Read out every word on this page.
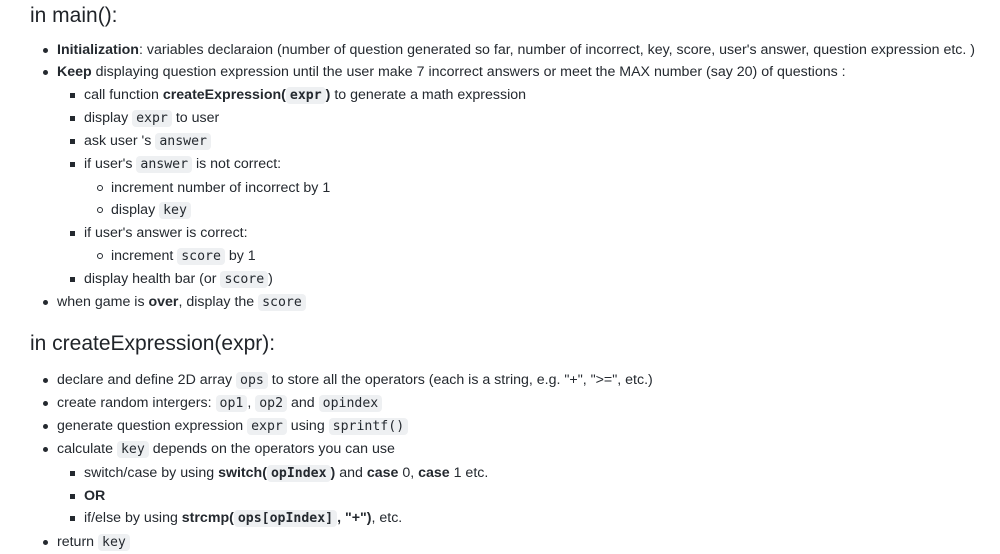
in main():
Initialization: variables declaraion (number of question generated so far, number of incorrect, key, score, user's answer, question expression etc. )
Keep displaying question expression until the user make 7 incorrect answers or meet the MAX number (say 20) of questions :
call function createExpression( expr ) to generate a math expression
display expr to user
ask user 's answer
if user's answer is not correct:
increment number of incorrect by 1
display key
if user's answer is correct:
increment score by 1
display health bar (or score )
when game is over, display the score
in createExpression(expr):
declare and define 2D array ops to store all the operators (each is a string, e.g. "+", ">=", etc.)
create random intergers: op1 , op2 and opindex
generate question expression expr using sprintf()
calculate key depends on the operators you can use
switch/case by using switch( opIndex ) and case 0, case 1 etc.
OR
if/else by using strcmp( ops[opIndex] , "+"), etc.
return key
